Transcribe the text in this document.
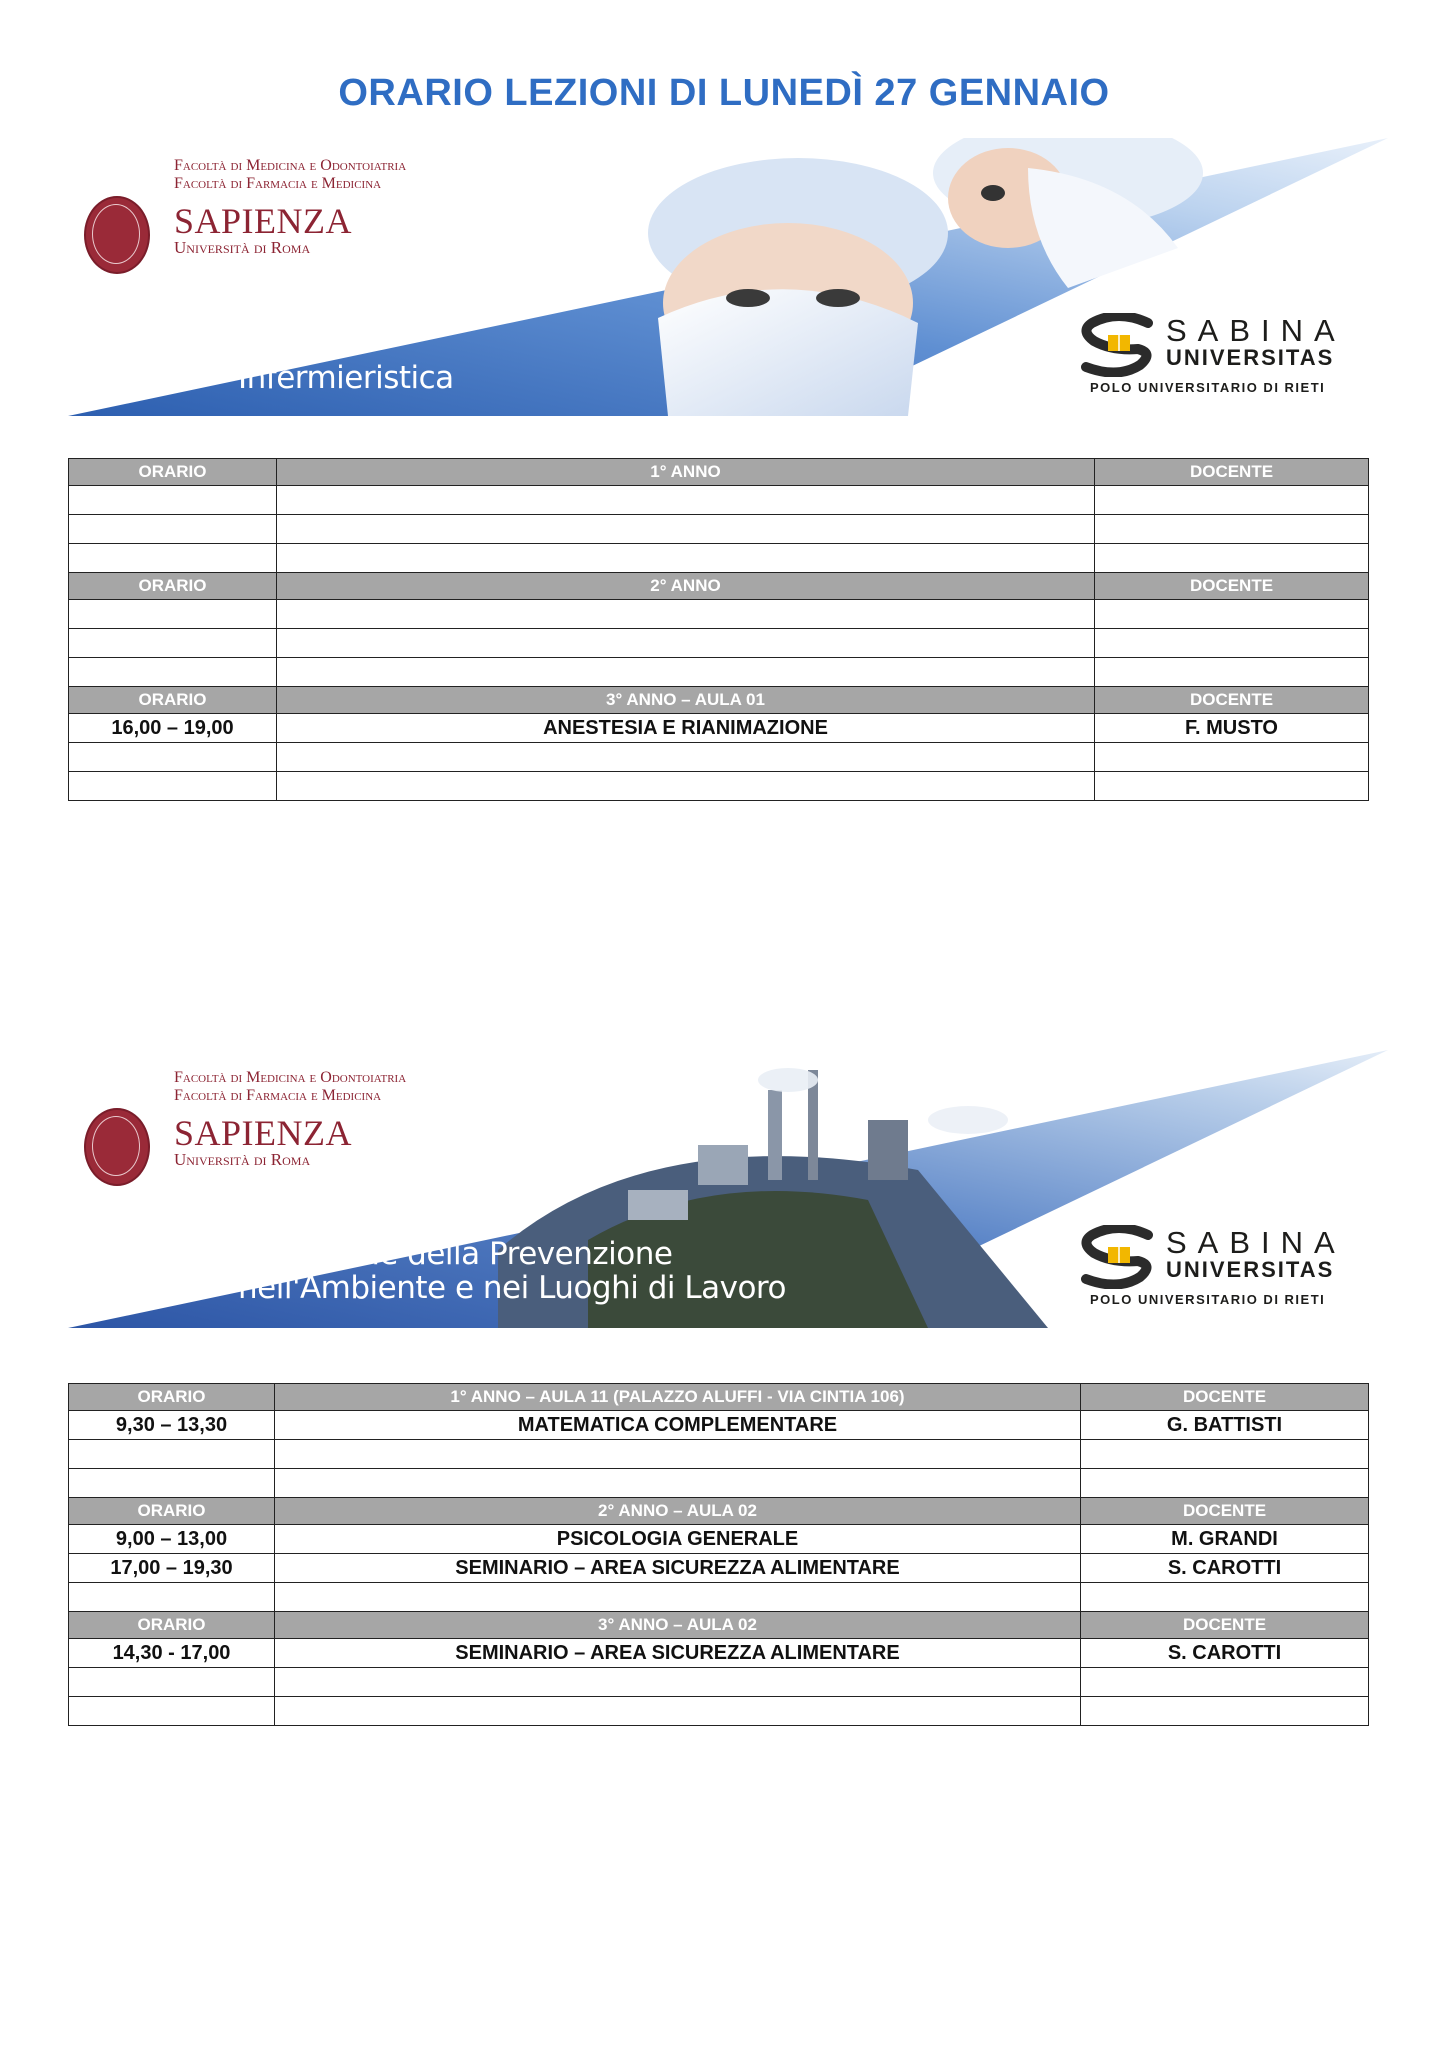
ORARIO LEZIONI DI LUNEDÌ 27 GENNAIO
Facoltà di Medicina e Odontoiatria
Facoltà di Farmacia e Medicina
SAPIENZA
Università di Roma
Infermieristica
SABINA
UNIVERSITAS
POLO UNIVERSITARIO DI RIETI
ORARIO	1° ANNO	DOCENTE

ORARIO	2° ANNO	DOCENTE

ORARIO	3° ANNO – AULA 01	DOCENTE
16,00 – 19,00	ANESTESIA E RIANIMAZIONE	F. MUSTO

Facoltà di Medicina e Odontoiatria
Facoltà di Farmacia e Medicina
SAPIENZA
Università di Roma
Tecniche della Prevenzione
nell'Ambiente e nei Luoghi di Lavoro
SABINA
UNIVERSITAS
POLO UNIVERSITARIO DI RIETI
ORARIO	1° ANNO – AULA 11 (PALAZZO ALUFFI - VIA CINTIA 106)	DOCENTE
9,30 – 13,30	MATEMATICA COMPLEMENTARE	G. BATTISTI

ORARIO	2° ANNO – AULA 02	DOCENTE
9,00 – 13,00	PSICOLOGIA GENERALE	M. GRANDI
17,00 – 19,30	SEMINARIO – AREA SICUREZZA ALIMENTARE	S. CAROTTI

ORARIO	3° ANNO – AULA 02	DOCENTE
14,30 - 17,00	SEMINARIO – AREA SICUREZZA ALIMENTARE	S. CAROTTI
